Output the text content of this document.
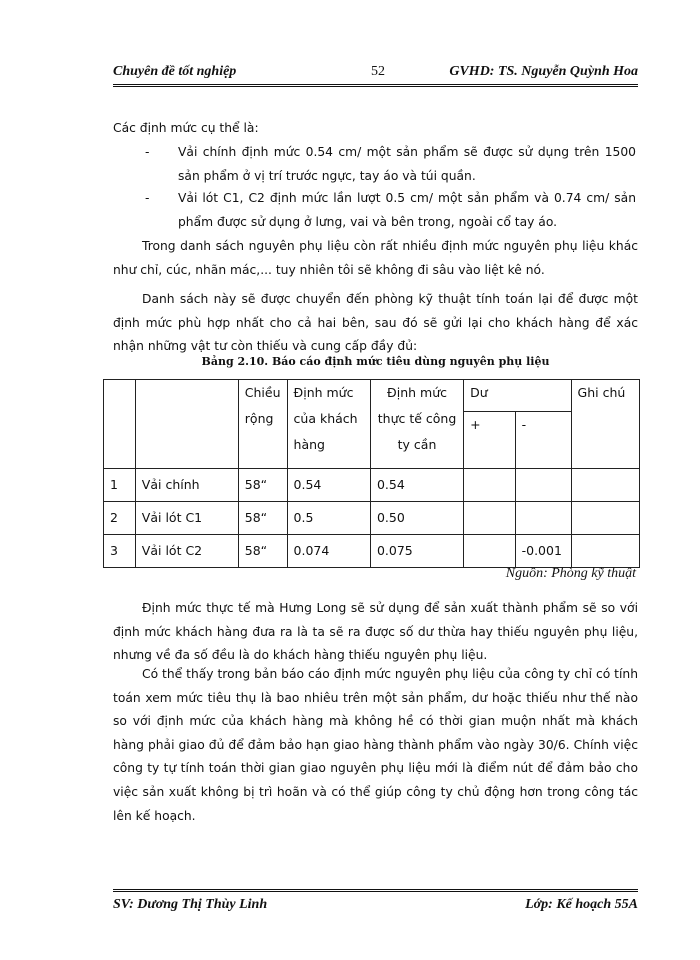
Chuyên đề tốt nghiệp	52	GVHD: TS. Nguyễn Quỳnh Hoa

Các định mức cụ thể là:

- Vải chính định mức 0.54 cm/ một sản phẩm sẽ được sử dụng trên 1500 sản phẩm ở vị trí trước ngực, tay áo và túi quần.
- Vải lót C1, C2 định mức lần lượt 0.5 cm/ một sản phẩm và 0.74 cm/ sản phẩm được sử dụng ở lưng, vai và bên trong, ngoài cổ tay áo.

Trong danh sách nguyên phụ liệu còn rất nhiều định mức nguyên phụ liệu khác như chỉ, cúc, nhãn mác,... tuy nhiên tôi sẽ không đi sâu vào liệt kê nó.

Danh sách này sẽ được chuyển đến phòng kỹ thuật tính toán lại để được một định mức phù hợp nhất cho cả hai bên, sau đó sẽ gửi lại cho khách hàng để xác nhận những vật tư còn thiếu và cung cấp đầy đủ:

Bảng 2.10. Báo cáo định mức tiêu dùng nguyên phụ liệu
		Chiều rộng	Định mức của khách hàng	Định mức thực tế công ty cần	Dư		Ghi chú
					+	-	
1	Vải chính	58“	0.54	0.54			
2	Vải lót C1	58“	0.5	0.50			
3	Vải lót C2	58“	0.074	0.075		-0.001	
Nguồn: Phòng kỹ thuật

Định mức thực tế mà Hưng Long sẽ sử dụng để sản xuất thành phẩm sẽ so với định mức khách hàng đưa ra là ta sẽ ra được số dư thừa hay thiếu nguyên phụ liệu, nhưng về đa số đều là do khách hàng thiếu nguyên phụ liệu.

Có thể thấy trong bản báo cáo định mức nguyên phụ liệu của công ty chỉ có tính toán xem mức tiêu thụ là bao nhiêu trên một sản phẩm, dư hoặc thiếu như thế nào so với định mức của khách hàng mà không hề có thời gian muộn nhất mà khách hàng phải giao đủ để đảm bảo hạn giao hàng thành phẩm vào ngày 30/6. Chính việc công ty tự tính toán thời gian giao nguyên phụ liệu mới là điểm nút để đảm bảo cho việc sản xuất không bị trì hoãn và có thể giúp công ty chủ động hơn trong công tác lên kế hoạch.

SV: Dương Thị Thùy Linh	Lớp: Kế hoạch 55A
